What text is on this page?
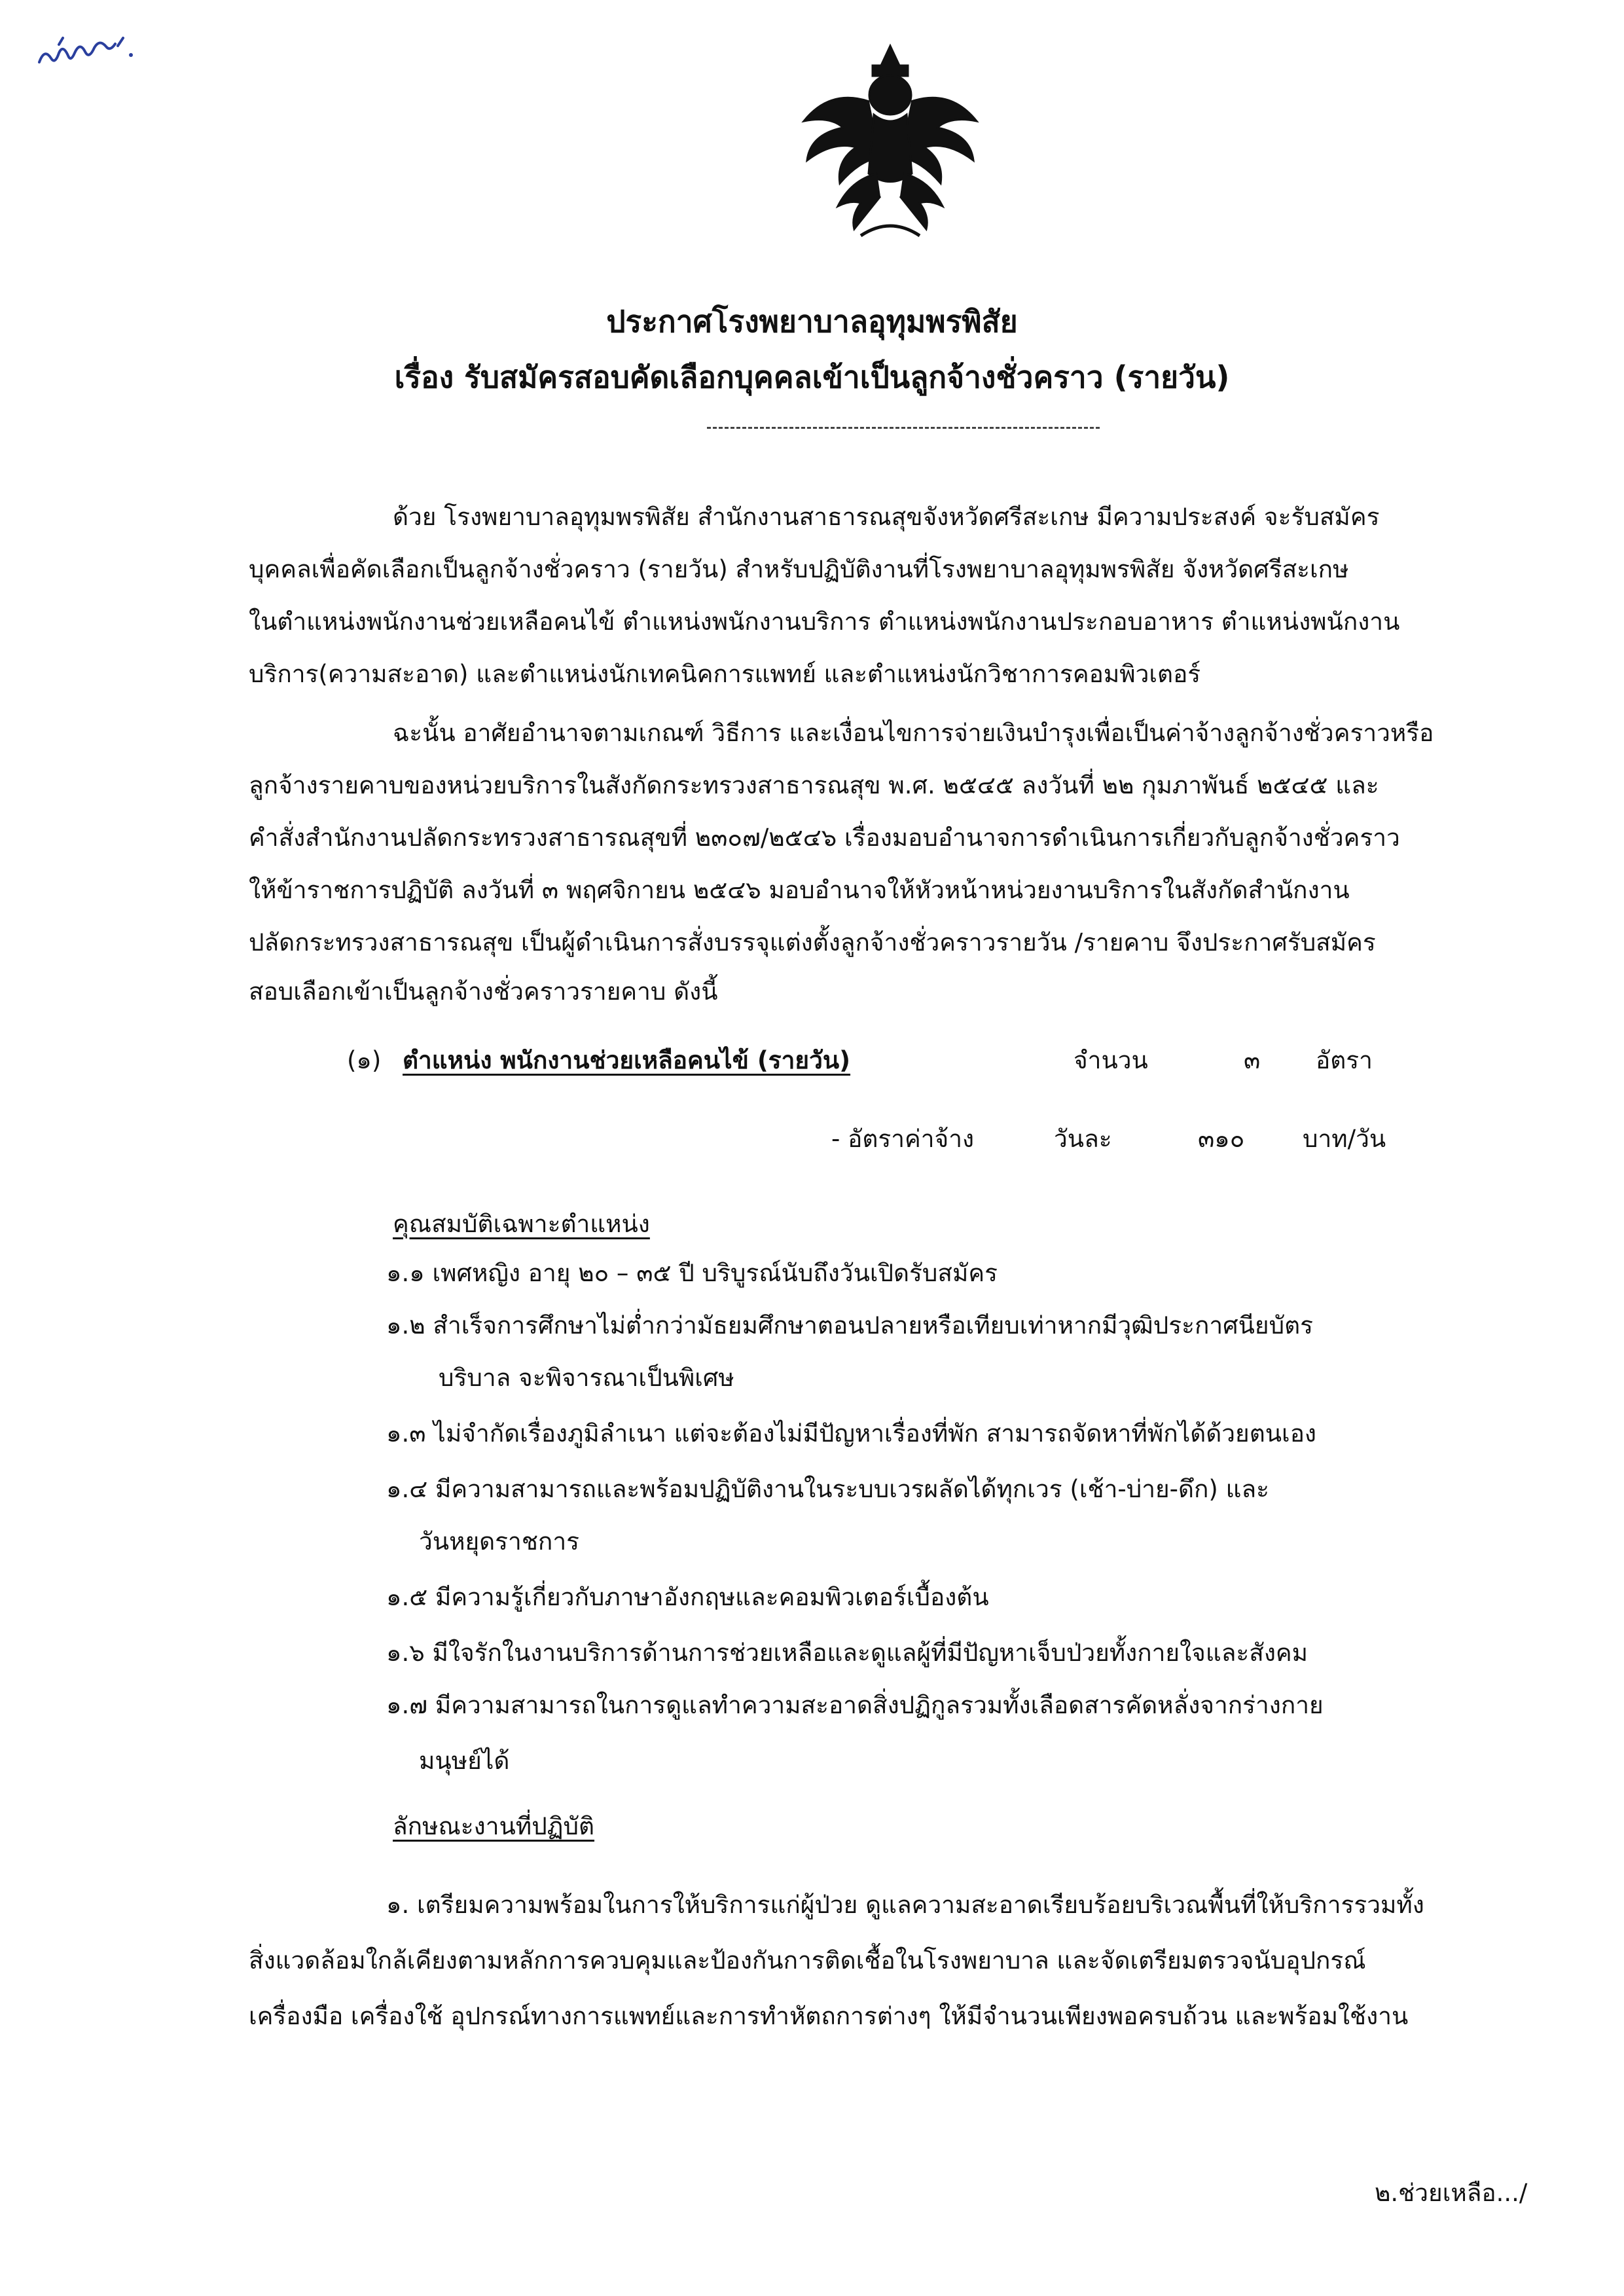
ประกาศโรงพยาบาลอุทุมพรพิสัย
เรื่อง รับสมัครสอบคัดเลือกบุคคลเข้าเป็นลูกจ้างชั่วคราว (รายวัน)
ด้วย โรงพยาบาลอุทุมพรพิสัย สำนักงานสาธารณสุขจังหวัดศรีสะเกษ มีความประสงค์ จะรับสมัคร
บุคคลเพื่อคัดเลือกเป็นลูกจ้างชั่วคราว (รายวัน) สำหรับปฏิบัติงานที่โรงพยาบาลอุทุมพรพิสัย จังหวัดศรีสะเกษ
ในตำแหน่งพนักงานช่วยเหลือคนไข้ ตำแหน่งพนักงานบริการ ตำแหน่งพนักงานประกอบอาหาร ตำแหน่งพนักงาน
บริการ(ความสะอาด) และตำแหน่งนักเทคนิคการแพทย์ และตำแหน่งนักวิชาการคอมพิวเตอร์
ฉะนั้น อาศัยอำนาจตามเกณฑ์ วิธีการ และเงื่อนไขการจ่ายเงินบำรุงเพื่อเป็นค่าจ้างลูกจ้างชั่วคราวหรือ
ลูกจ้างรายคาบของหน่วยบริการในสังกัดกระทรวงสาธารณสุข พ.ศ. ๒๕๔๕ ลงวันที่ ๒๒ กุมภาพันธ์ ๒๕๔๕ และ
คำสั่งสำนักงานปลัดกระทรวงสาธารณสุขที่ ๒๓๐๗/๒๕๔๖ เรื่องมอบอำนาจการดำเนินการเกี่ยวกับลูกจ้างชั่วคราว
ให้ข้าราชการปฏิบัติ ลงวันที่ ๓ พฤศจิกายน ๒๕๔๖ มอบอำนาจให้หัวหน้าหน่วยงานบริการในสังกัดสำนักงาน
ปลัดกระทรวงสาธารณสุข เป็นผู้ดำเนินการสั่งบรรจุแต่งตั้งลูกจ้างชั่วคราวรายวัน /รายคาบ จึงประกาศรับสมัคร
สอบเลือกเข้าเป็นลูกจ้างชั่วคราวรายคาบ ดังนี้
(๑) ตำแหน่ง พนักงานช่วยเหลือคนไข้ (รายวัน)	จำนวน	๓ อัตรา
- อัตราค่าจ้าง	วันละ	๓๑๐ บาท/วัน
คุณสมบัติเฉพาะตำแหน่ง
๑.๑ เพศหญิง อายุ ๒๐ – ๓๕ ปี บริบูรณ์นับถึงวันเปิดรับสมัคร
๑.๒ สำเร็จการศึกษาไม่ต่ำกว่ามัธยมศึกษาตอนปลายหรือเทียบเท่าหากมีวุฒิประกาศนียบัตร
บริบาล จะพิจารณาเป็นพิเศษ
๑.๓ ไม่จำกัดเรื่องภูมิลำเนา แต่จะต้องไม่มีปัญหาเรื่องที่พัก สามารถจัดหาที่พักได้ด้วยตนเอง
๑.๔ มีความสามารถและพร้อมปฏิบัติงานในระบบเวรผลัดได้ทุกเวร (เช้า-บ่าย-ดึก) และ
วันหยุดราชการ
๑.๕ มีความรู้เกี่ยวกับภาษาอังกฤษและคอมพิวเตอร์เบื้องต้น
๑.๖ มีใจรักในงานบริการด้านการช่วยเหลือและดูแลผู้ที่มีปัญหาเจ็บป่วยทั้งกายใจและสังคม
๑.๗ มีความสามารถในการดูแลทำความสะอาดสิ่งปฏิกูลรวมทั้งเลือดสารคัดหลั่งจากร่างกาย
มนุษย์ได้
ลักษณะงานที่ปฏิบัติ
๑. เตรียมความพร้อมในการให้บริการแก่ผู้ป่วย ดูแลความสะอาดเรียบร้อยบริเวณพื้นที่ให้บริการรวมทั้ง
สิ่งแวดล้อมใกล้เคียงตามหลักการควบคุมและป้องกันการติดเชื้อในโรงพยาบาล และจัดเตรียมตรวจนับอุปกรณ์
เครื่องมือ เครื่องใช้ อุปกรณ์ทางการแพทย์และการทำหัตถการต่างๆ ให้มีจำนวนเพียงพอครบถ้วน และพร้อมใช้งาน
๒.ช่วยเหลือ.../
